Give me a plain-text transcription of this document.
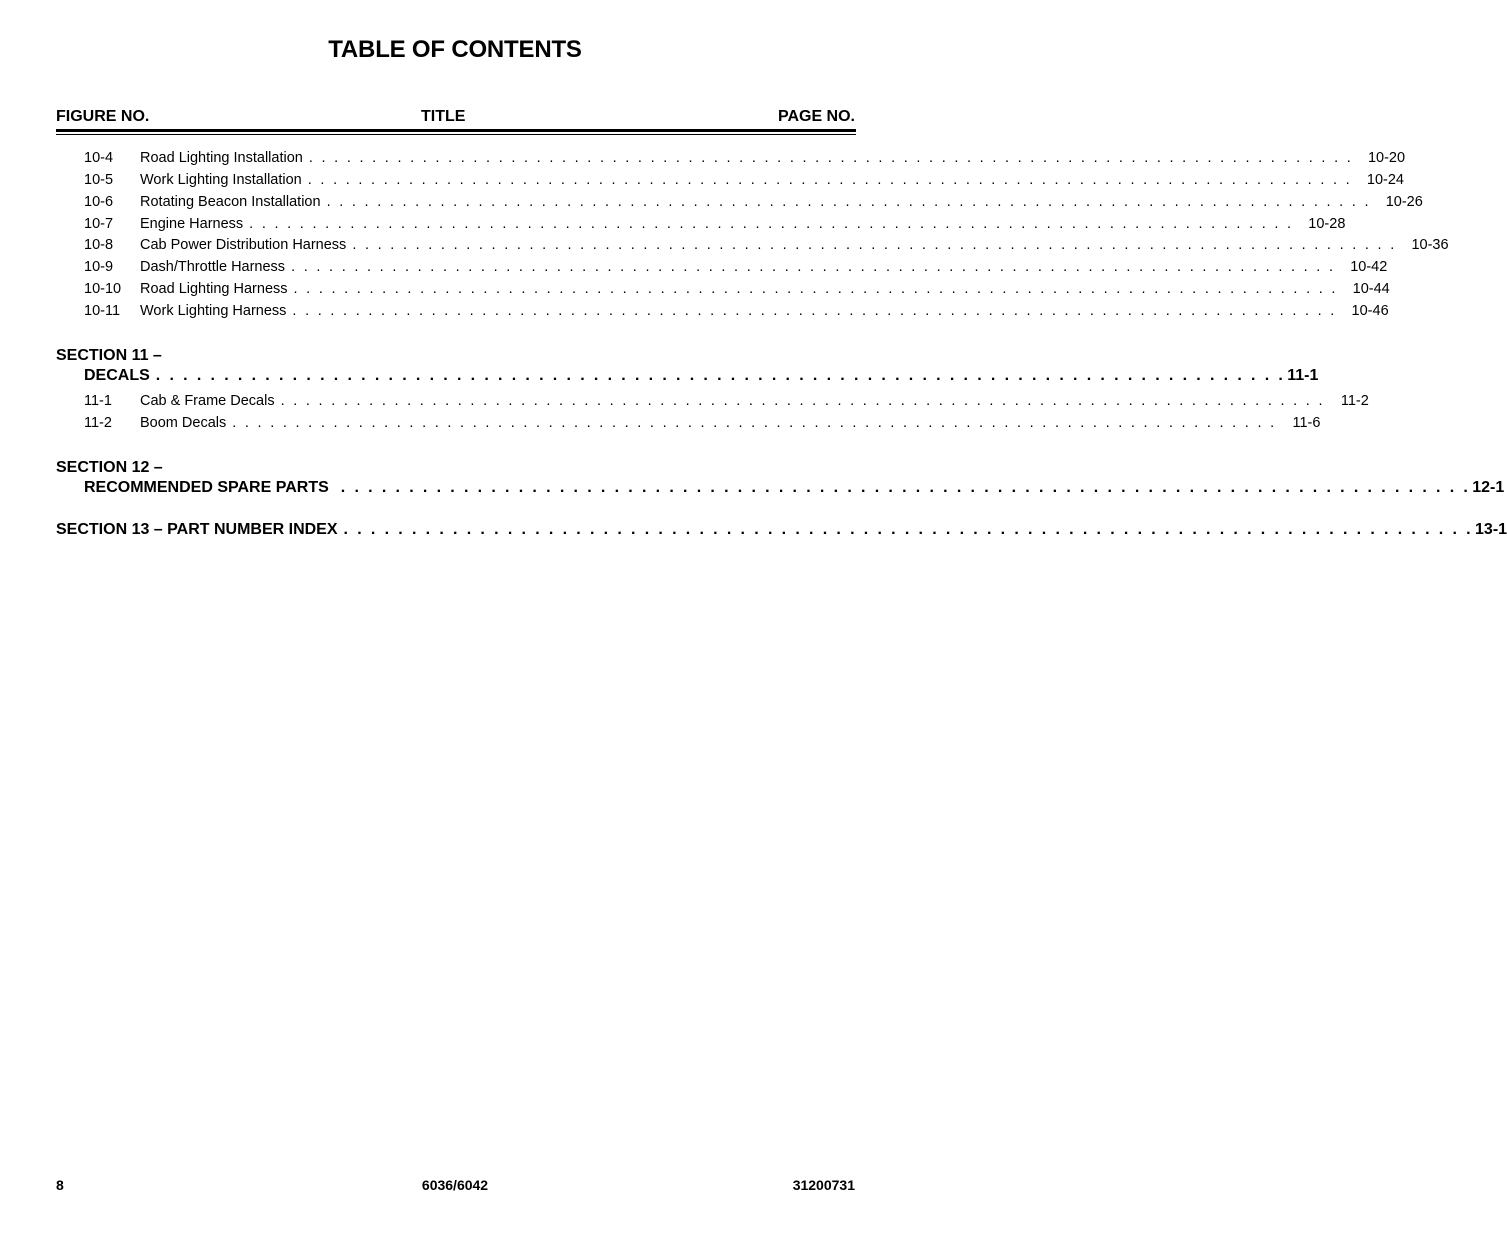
TABLE OF CONTENTS
FIGURE NO.	TITLE	PAGE NO.
10-4	Road Lighting Installation . . . . . . . . . . . . . . . . . . . . . . . . . . . . . . . . . . . . . . . . . . . . . . . . . . . . . . . . . . . . . . . . . . . . . . . . . . . . . . . . . . .	10-20
10-5	Work Lighting Installation . . . . . . . . . . . . . . . . . . . . . . . . . . . . . . . . . . . . . . . . . . . . . . . . . . . . . . . . . . . . . . . . . . . . . . . . . . . . . . . . . . .	10-24
10-6	Rotating Beacon Installation . . . . . . . . . . . . . . . . . . . . . . . . . . . . . . . . . . . . . . . . . . . . . . . . . . . . . . . . . . . . . . . . . . . . . . . . . . . . . . . . . . .	10-26
10-7	Engine Harness . . . . . . . . . . . . . . . . . . . . . . . . . . . . . . . . . . . . . . . . . . . . . . . . . . . . . . . . . . . . . . . . . . . . . . . . . . . . . . . . . . .	10-28
10-8	Cab Power Distribution Harness . . . . . . . . . . . . . . . . . . . . . . . . . . . . . . . . . . . . . . . . . . . . . . . . . . . . . . . . . . . . . . . . . . . . . . . . . . . . . . . . . . .	10-36
10-9	Dash/Throttle Harness . . . . . . . . . . . . . . . . . . . . . . . . . . . . . . . . . . . . . . . . . . . . . . . . . . . . . . . . . . . . . . . . . . . . . . . . . . . . . . . . . . .	10-42
10-10	Road Lighting Harness . . . . . . . . . . . . . . . . . . . . . . . . . . . . . . . . . . . . . . . . . . . . . . . . . . . . . . . . . . . . . . . . . . . . . . . . . . . . . . . . . . .	10-44
10-11	Work Lighting Harness . . . . . . . . . . . . . . . . . . . . . . . . . . . . . . . . . . . . . . . . . . . . . . . . . . . . . . . . . . . . . . . . . . . . . . . . . . . . . . . . . . .	10-46
SECTION 11 –
DECALS . . . . . . . . . . . . . . . . . . . . . . . . . . . . . . . . . . . . . . . . . . . . . . . . . . . . . . . . . . . . . . . . . . . . . . . . . . . . . . . . . . . 11-1
11-1	Cab & Frame Decals . . . . . . . . . . . . . . . . . . . . . . . . . . . . . . . . . . . . . . . . . . . . . . . . . . . . . . . . . . . . . . . . . . . . . . . . . . . . . . . . . . .	11-2
11-2	Boom Decals . . . . . . . . . . . . . . . . . . . . . . . . . . . . . . . . . . . . . . . . . . . . . . . . . . . . . . . . . . . . . . . . . . . . . . . . . . . . . . . . . . .	11-6
SECTION 12 –
RECOMMENDED SPARE PARTS . . . . . . . . . . . . . . . . . . . . . . . . . . . . . . . . . . . . . . . . . . . . . . . . . . . . . . . . . . . . . . . . . . . . . . . . . . . . . . . . . . . 12-1
SECTION 13 – PART NUMBER INDEX . . . . . . . . . . . . . . . . . . . . . . . . . . . . . . . . . . . . . . . . . . . . . . . . . . . . . . . . . . . . . . . . . . . . . . . . . . . . . . . . . . . 13-1
8	6036/6042	31200731
